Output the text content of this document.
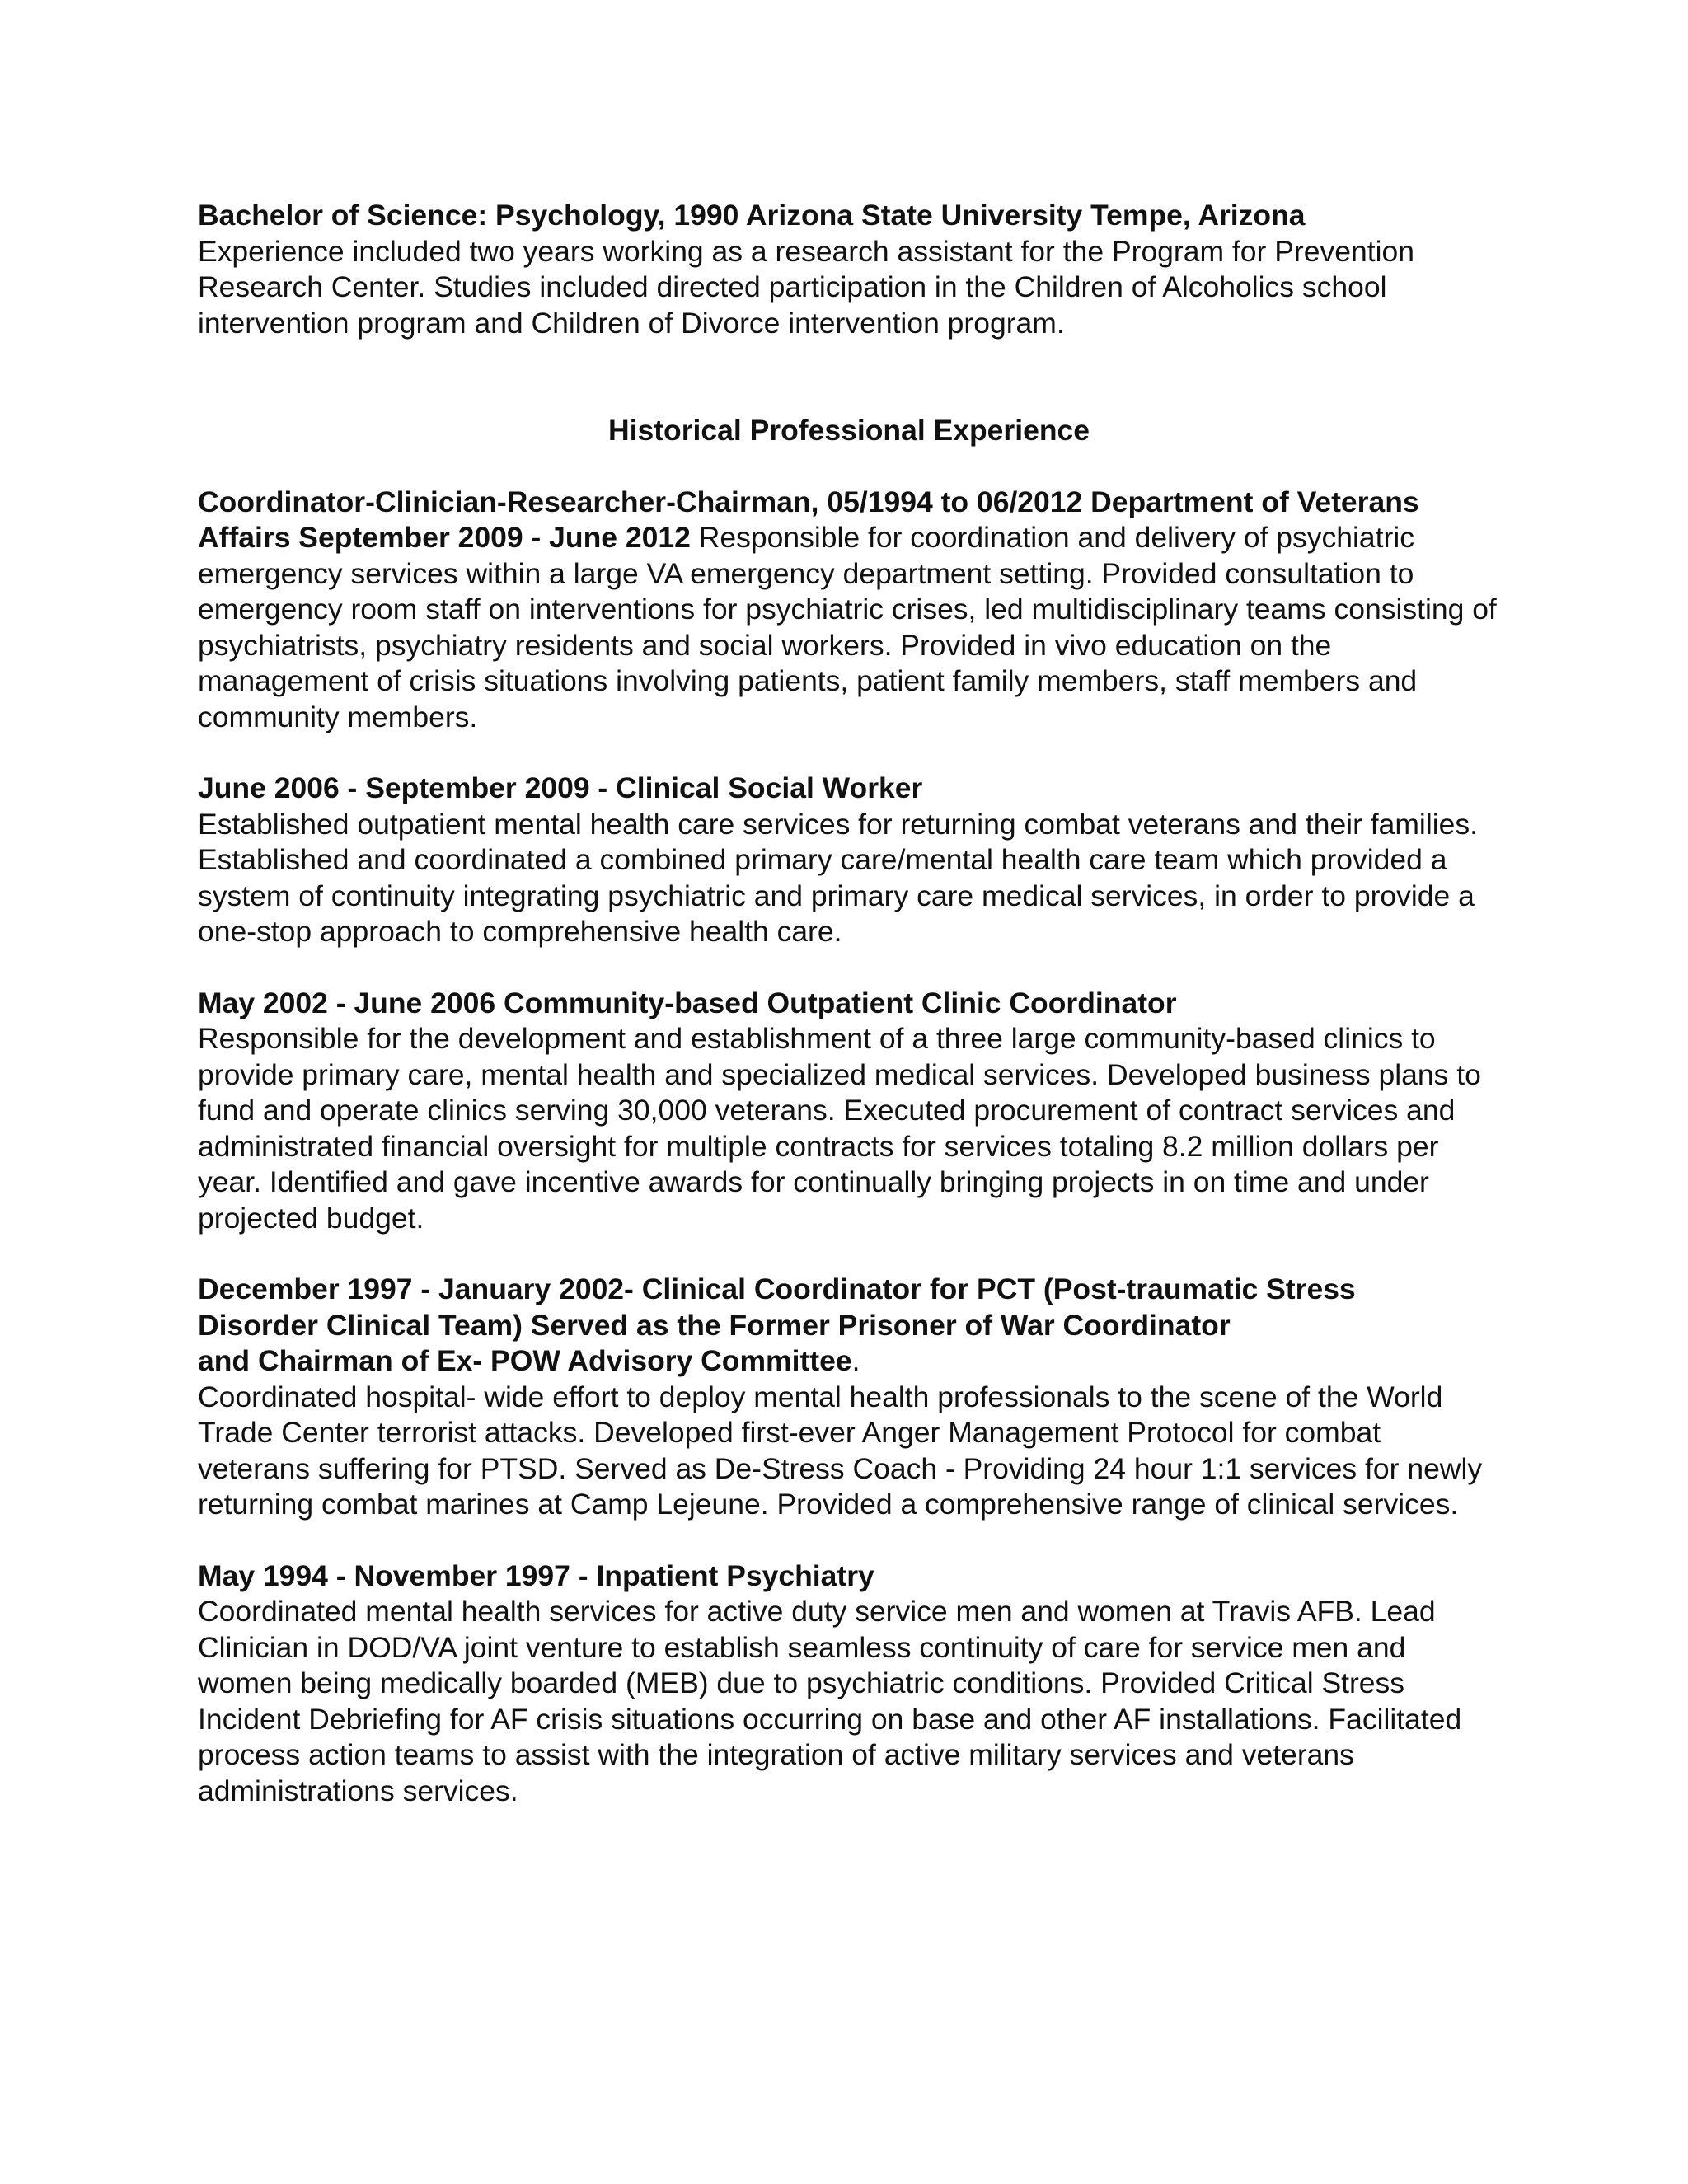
Bachelor of Science: Psychology, 1990 Arizona State University Tempe, Arizona

Experience included two years working as a research assistant for the Program for Prevention Research Center. Studies included directed participation in the Children of Alcoholics school intervention program and Children of Divorce intervention program.

Historical Professional Experience

Coordinator-Clinician-Researcher-Chairman, 05/1994 to 06/2012 Department of Veterans Affairs September 2009 - June 2012 Responsible for coordination and delivery of psychiatric emergency services within a large VA emergency department setting. Provided consultation to emergency room staff on interventions for psychiatric crises, led multidisciplinary teams consisting of psychiatrists, psychiatry residents and social workers. Provided in vivo education on the management of crisis situations involving patients, patient family members, staff members and community members.

June 2006 - September 2009 - Clinical Social Worker

Established outpatient mental health care services for returning combat veterans and their families. Established and coordinated a combined primary care/mental health care team which provided a system of continuity integrating psychiatric and primary care medical services, in order to provide a one-stop approach to comprehensive health care.

May 2002 - June 2006 Community-based Outpatient Clinic Coordinator

Responsible for the development and establishment of a three large community-based clinics to provide primary care, mental health and specialized medical services. Developed business plans to fund and operate clinics serving 30,000 veterans. Executed procurement of contract services and administrated financial oversight for multiple contracts for services totaling 8.2 million dollars per year. Identified and gave incentive awards for continually bringing projects in on time and under projected budget.

December 1997 - January 2002- Clinical Coordinator for PCT (Post-traumatic Stress Disorder Clinical Team) Served as the Former Prisoner of War Coordinator

and Chairman of Ex- POW Advisory Committee.

Coordinated hospital- wide effort to deploy mental health professionals to the scene of the World Trade Center terrorist attacks. Developed first-ever Anger Management Protocol for combat veterans suffering for PTSD. Served as De-Stress Coach - Providing 24 hour 1:1 services for newly returning combat marines at Camp Lejeune. Provided a comprehensive range of clinical services.

May 1994 - November 1997 - Inpatient Psychiatry

Coordinated mental health services for active duty service men and women at Travis AFB. Lead Clinician in DOD/VA joint venture to establish seamless continuity of care for service men and women being medically boarded (MEB) due to psychiatric conditions. Provided Critical Stress Incident Debriefing for AF crisis situations occurring on base and other AF installations. Facilitated process action teams to assist with the integration of active military services and veterans administrations services.
